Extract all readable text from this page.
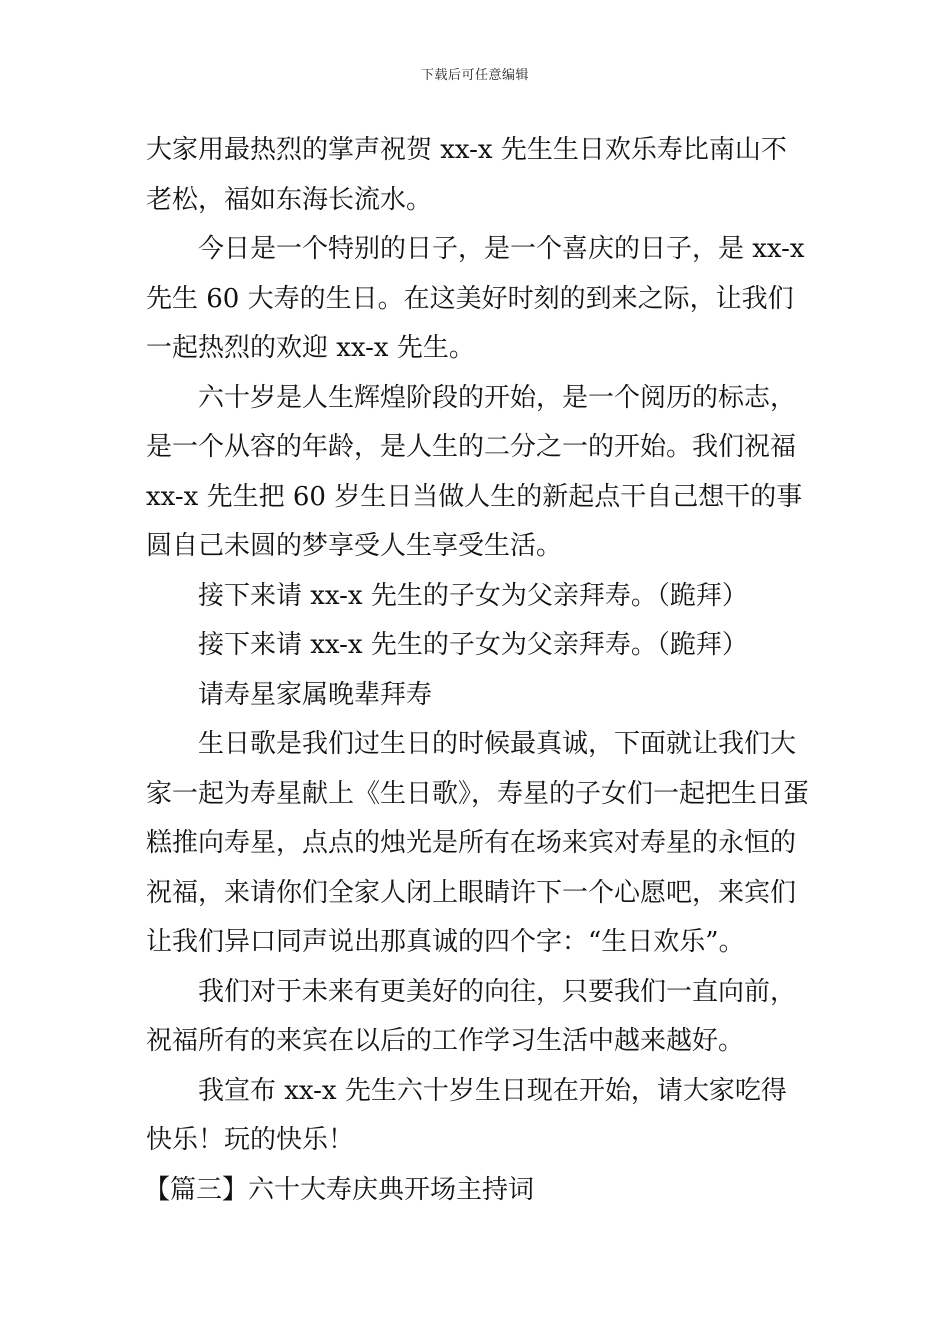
下载后可任意编辑

大家用最热烈的掌声祝贺 xx-x 先生生日欢乐寿比南山不老松，福如东海长流水。

今日是一个特别的日子，是一个喜庆的日子，是 xx-x 先生 60 大寿的生日。在这美好时刻的到来之际，让我们一起热烈的欢迎 xx-x 先生。

六十岁是人生辉煌阶段的开始，是一个阅历的标志，是一个从容的年龄，是人生的二分之一的开始。我们祝福 xx-x 先生把 60 岁生日当做人生的新起点干自己想干的事圆自己未圆的梦享受人生享受生活。

接下来请 xx-x 先生的子女为父亲拜寿。（跪拜）

接下来请 xx-x 先生的子女为父亲拜寿。（跪拜）

请寿星家属晚辈拜寿

生日歌是我们过生日的时候最真诚，下面就让我们大家一起为寿星献上《生日歌》，寿星的子女们一起把生日蛋糕推向寿星，点点的烛光是所有在场来宾对寿星的永恒的祝福，来请你们全家人闭上眼睛许下一个心愿吧，来宾们让我们异口同声说出那真诚的四个字：“生日欢乐”。

我们对于未来有更美好的向往，只要我们一直向前，祝福所有的来宾在以后的工作学习生活中越来越好。

我宣布 xx-x 先生六十岁生日现在开始，请大家吃得快乐！玩的快乐！

【篇三】六十大寿庆典开场主持词
